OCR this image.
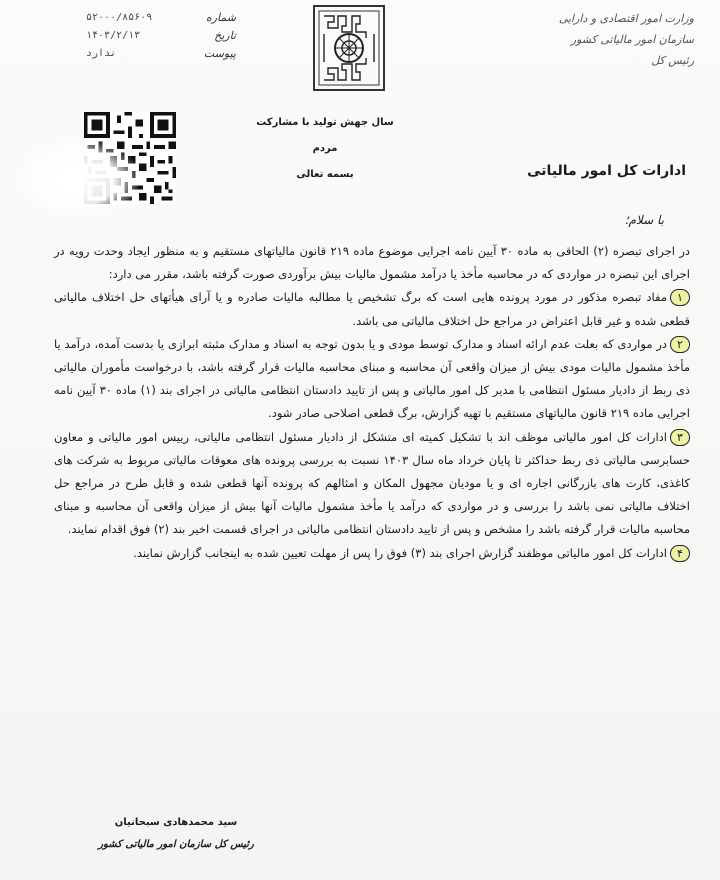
شماره
۵۲۰۰۰/۸۵۶۰۹
تاریخ
۱۴۰۳/۲/۱۳
پیوست
ندارد
وزارت امور اقتصادی و دارایی
سازمان امور مالیاتی کشور
رئیس کل
سال جهش تولید با مشارکت مردم
بسمه تعالی	ادارات کل امور مالیاتی
با سلام؛

در اجرای تبصره (۲) الحاقی به ماده ۳۰ آیین نامه اجرایی موضوع ماده ۲۱۹ قانون مالیاتهای مستقیم و به منظور ایجاد وحدت رویه در اجرای این تبصره در مواردی که در محاسبه مأخذ یا درآمد مشمول مالیات بیش برآوردی صورت گرفته باشد، مقرر می دارد:

۱مفاد تبصره مذکور در مورد پرونده هایی است که برگ تشخیص یا مطالبه مالیات صادره و یا آرای هیأتهای حل اختلاف مالیاتی قطعی شده و غیر قابل اعتراض در مراجع حل اختلاف مالیاتی می باشد.

۲در مواردی که بعلت عدم ارائه اسناد و مدارک توسط مودی و یا بدون توجه به اسناد و مدارک مثبته ابرازی یا بدست آمده، درآمد یا مأخذ مشمول مالیات مودی بیش از میزان واقعی آن محاسبه و مبنای محاسبه مالیات قرار گرفته باشد، با درخواست مأموران مالیاتی ذی ربط از دادیار مسئول انتظامی با مدیر کل امور مالیاتی و پس از تایید دادستان انتظامی مالیاتی در اجرای بند (۱) ماده ۳۰ آیین نامه اجرایی ماده ۲۱۹ قانون مالیاتهای مستقیم با تهیه گزارش، برگ قطعی اصلاحی صادر شود.

۳ادارات کل امور مالیاتی موظف اند با تشکیل کمیته ای متشکل از دادیار مسئول انتظامی مالیاتی، رییس امور مالیاتی و معاون حسابرسی مالیاتی ذی ربط حداکثر تا پایان خرداد ماه سال ۱۴۰۳ نسبت به بررسی پرونده های معوقات مالیاتی مربوط به شرکت های کاغذی، کارت های بازرگانی اجاره ای و یا مودیان مجهول المکان و امثالهم که پرونده آنها قطعی شده و قابل طرح در مراجع حل اختلاف مالیاتی نمی باشد را بررسی و در مواردی که درآمد یا مأخذ مشمول مالیات آنها بیش از میزان واقعی آن محاسبه و مبنای محاسبه مالیات قرار گرفته باشد را مشخص و پس از تایید دادستان انتظامی مالیاتی در اجرای قسمت اخیر بند (۲) فوق اقدام نمایند.

۴ادارات کل امور مالیاتی موظفند گزارش اجرای بند (۳) فوق را پس از مهلت تعیین شده به اینجانب گزارش نمایند.

سید محمدهادی سبحانیان
رئیس کل سازمان امور مالیاتی کشور
